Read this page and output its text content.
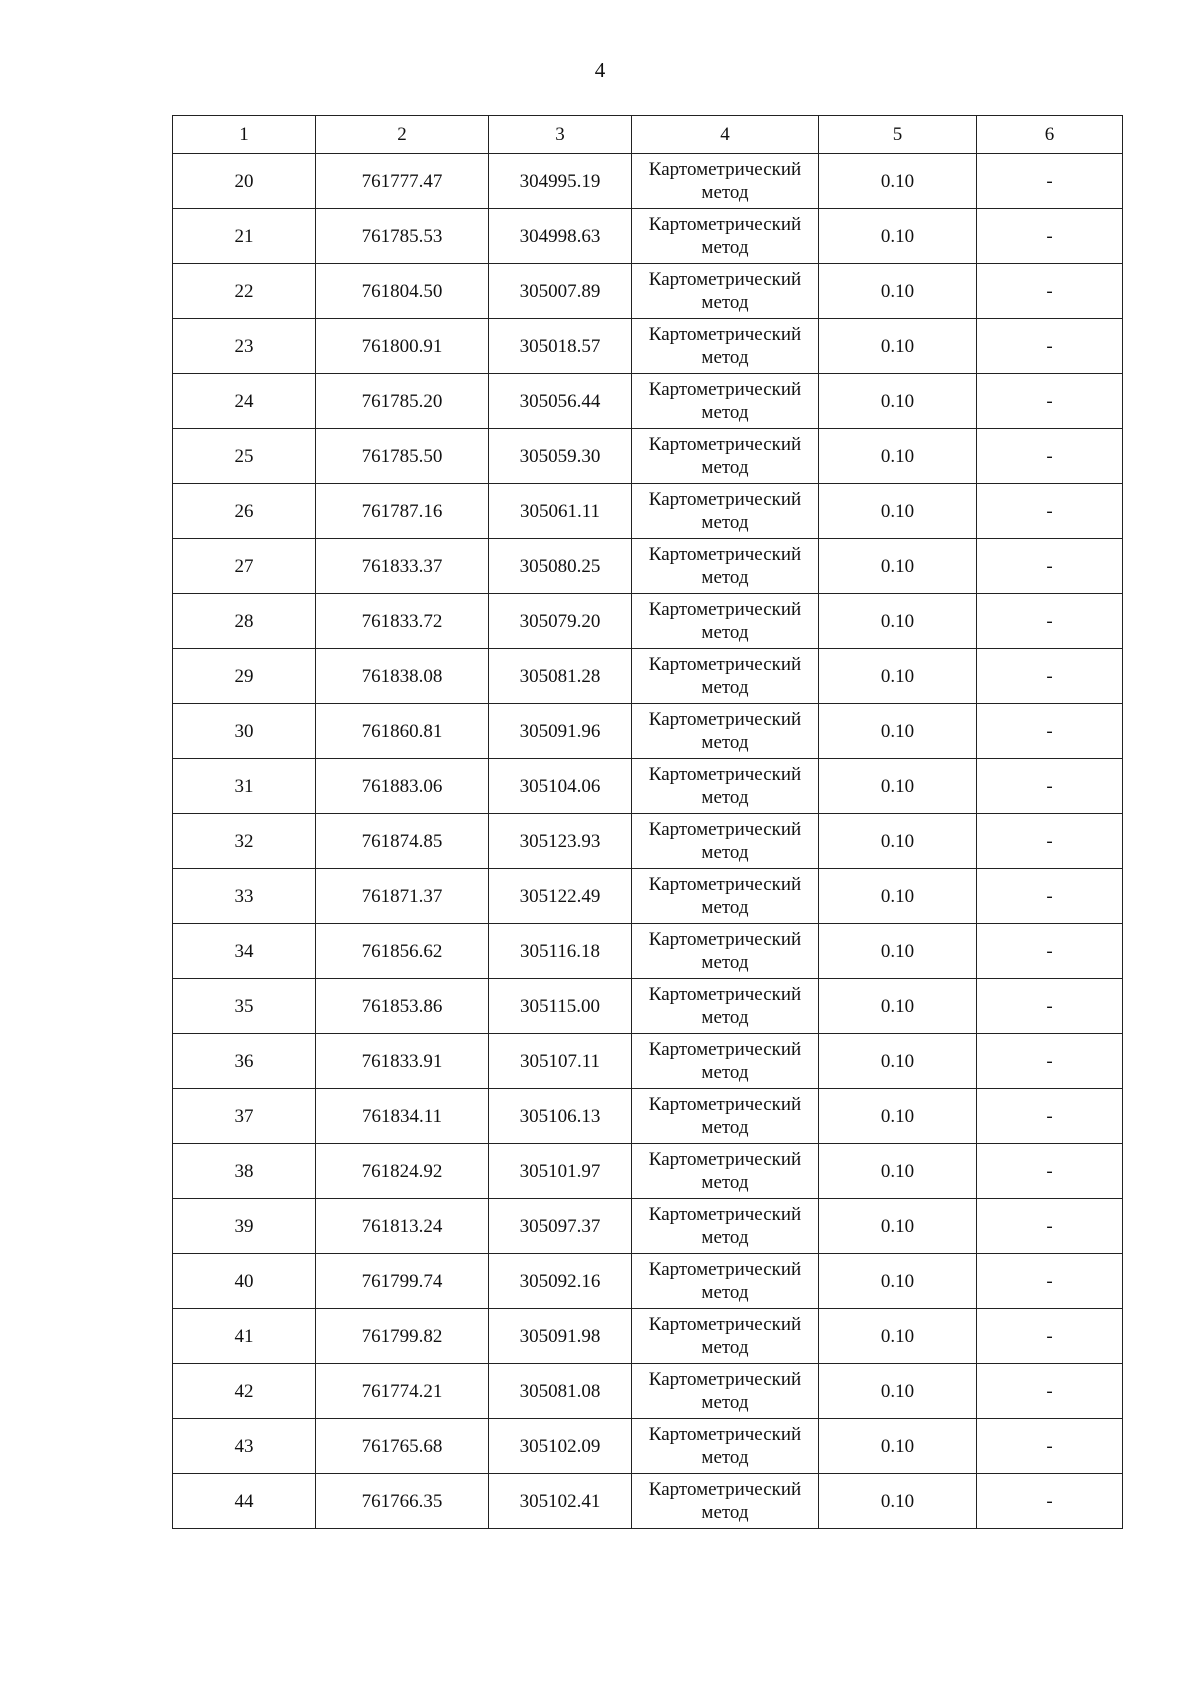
4
1	2	3	4	5	6
20	761777.47	304995.19	Картометрический метод	0.10	-
21	761785.53	304998.63	Картометрический метод	0.10	-
22	761804.50	305007.89	Картометрический метод	0.10	-
23	761800.91	305018.57	Картометрический метод	0.10	-
24	761785.20	305056.44	Картометрический метод	0.10	-
25	761785.50	305059.30	Картометрический метод	0.10	-
26	761787.16	305061.11	Картометрический метод	0.10	-
27	761833.37	305080.25	Картометрический метод	0.10	-
28	761833.72	305079.20	Картометрический метод	0.10	-
29	761838.08	305081.28	Картометрический метод	0.10	-
30	761860.81	305091.96	Картометрический метод	0.10	-
31	761883.06	305104.06	Картометрический метод	0.10	-
32	761874.85	305123.93	Картометрический метод	0.10	-
33	761871.37	305122.49	Картометрический метод	0.10	-
34	761856.62	305116.18	Картометрический метод	0.10	-
35	761853.86	305115.00	Картометрический метод	0.10	-
36	761833.91	305107.11	Картометрический метод	0.10	-
37	761834.11	305106.13	Картометрический метод	0.10	-
38	761824.92	305101.97	Картометрический метод	0.10	-
39	761813.24	305097.37	Картометрический метод	0.10	-
40	761799.74	305092.16	Картометрический метод	0.10	-
41	761799.82	305091.98	Картометрический метод	0.10	-
42	761774.21	305081.08	Картометрический метод	0.10	-
43	761765.68	305102.09	Картометрический метод	0.10	-
44	761766.35	305102.41	Картометрический метод	0.10	-
